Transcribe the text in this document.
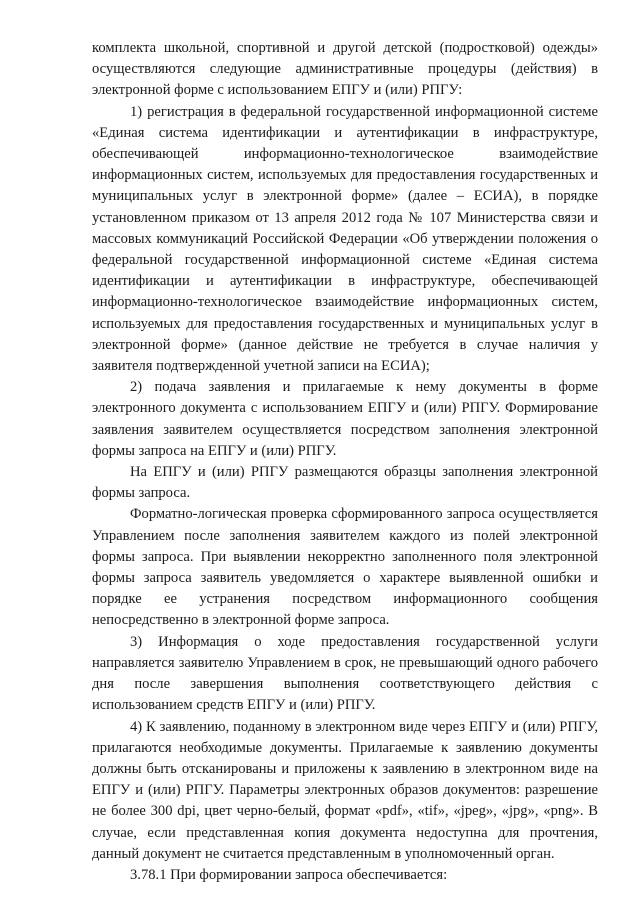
комплекта школьной, спортивной и другой детской (подростковой) одежды» осуществляются следующие административные процедуры (действия) в электронной форме с использованием ЕПГУ и (или) РПГУ:

1) регистрация в федеральной государственной информационной системе «Единая система идентификации и аутентификации в инфраструктуре, обеспечивающей информационно-технологическое взаимодействие информационных систем, используемых для предоставления государственных и муниципальных услуг в электронной форме» (далее – ЕСИА), в порядке установленном приказом от 13 апреля 2012 года № 107 Министерства связи и массовых коммуникаций Российской Федерации «Об утверждении положения о федеральной государственной информационной системе «Единая система идентификации и аутентификации в инфраструктуре, обеспечивающей информационно-технологическое взаимодействие информационных систем, используемых для предоставления государственных и муниципальных услуг в электронной форме» (данное действие не требуется в случае наличия у заявителя подтвержденной учетной записи на ЕСИА);

2) подача заявления и прилагаемые к нему документы в форме электронного документа с использованием ЕПГУ и (или) РПГУ. Формирование заявления заявителем осуществляется посредством заполнения электронной формы запроса на ЕПГУ и (или) РПГУ.

На ЕПГУ и (или) РПГУ размещаются образцы заполнения электронной формы запроса.

Форматно-логическая проверка сформированного запроса осуществляется Управлением после заполнения заявителем каждого из полей электронной формы запроса. При выявлении некорректно заполненного поля электронной формы запроса заявитель уведомляется о характере выявленной ошибки и порядке ее устранения посредством информационного сообщения непосредственно в электронной форме запроса.

3) Информация о ходе предоставления государственной услуги направляется заявителю Управлением в срок, не превышающий одного рабочего дня после завершения выполнения соответствующего действия с использованием средств ЕПГУ и (или) РПГУ.

4) К заявлению, поданному в электронном виде через ЕПГУ и (или) РПГУ, прилагаются необходимые документы. Прилагаемые к заявлению документы должны быть отсканированы и приложены к заявлению в электронном виде на ЕПГУ и (или) РПГУ. Параметры электронных образов документов: разрешение не более 300 dpi, цвет черно-белый, формат «pdf», «tif», «jpeg», «jpg», «png». В случае, если представленная копия документа недоступна для прочтения, данный документ не считается представленным в уполномоченный орган.

3.78.1 При формировании запроса обеспечивается:
